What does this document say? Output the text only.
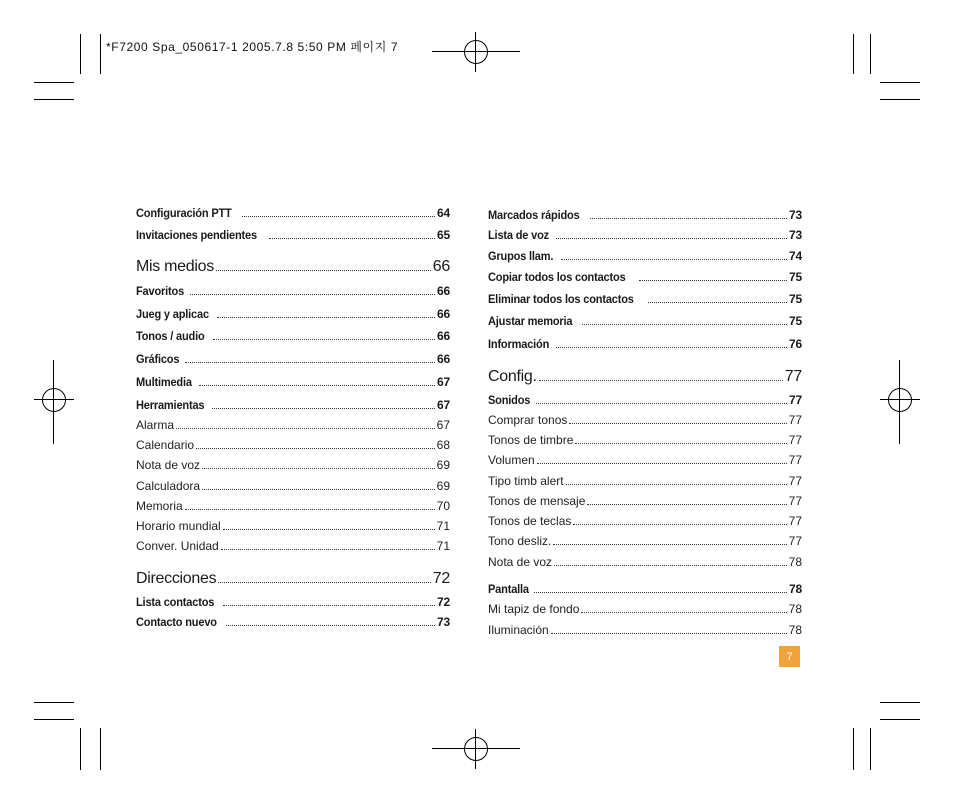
*F7200 Spa_050617-1 2005.7.8 5:50 PM 페이지 7
Configuración PTT	64
Invitaciones pendientes	65
Mis medios	66
Favoritos	66
Jueg y aplicac	66
Tonos / audio	66
Gráficos	66
Multimedia	67
Herramientas	67
Alarma	67
Calendario	68
Nota de voz	69
Calculadora	69
Memoria	70
Horario mundial	71
Conver. Unidad	71
Direcciones	72
Lista contactos	72
Contacto nuevo	73
Marcados rápidos	73
Lista de voz	73
Grupos llam.	74
Copiar todos los contactos	75
Eliminar todos los contactos	75
Ajustar memoria	75
Información	76
Config.	77
Sonidos	77
Comprar tonos	77
Tonos de timbre	77
Volumen	77
Tipo timb alert	77
Tonos de mensaje	77
Tonos de teclas	77
Tono desliz.	77
Nota de voz	78
Pantalla	78
Mi tapiz de fondo	78
Iluminación	78
7
